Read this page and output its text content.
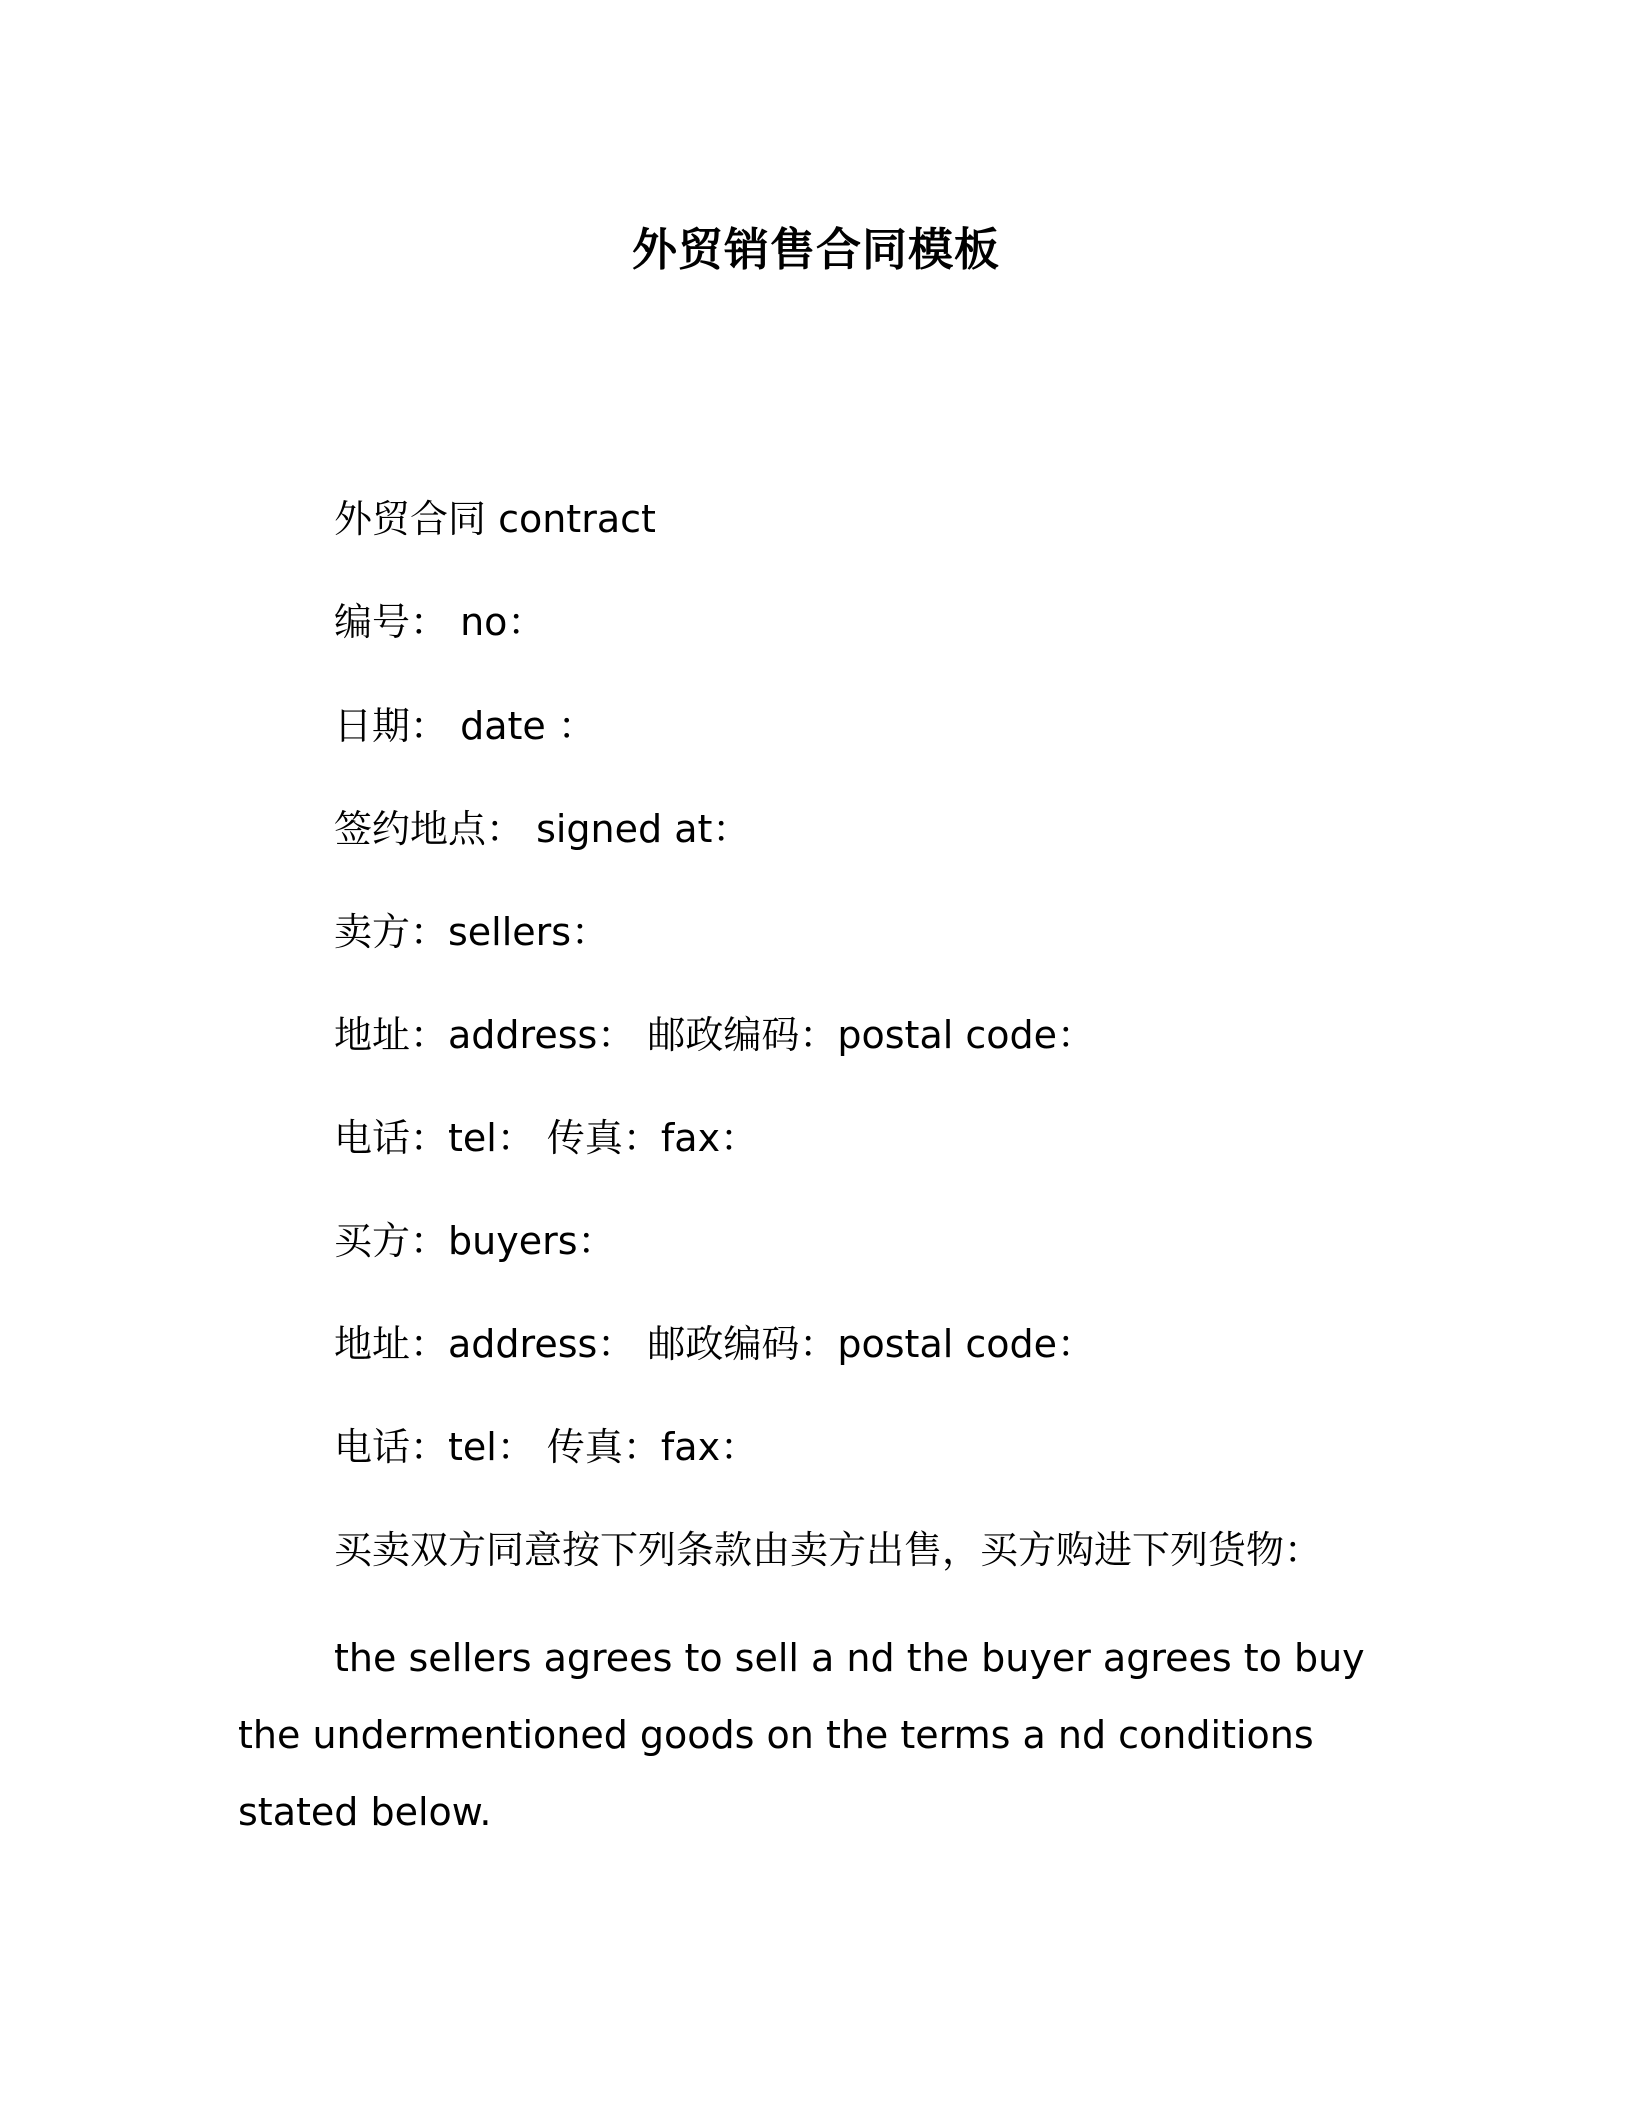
外贸销售合同模板
外贸合同 contract
编号： no：
日期： date ：
签约地点： signed at：
卖方：sellers：
地址：address： 邮政编码：postal code：
电话：tel： 传真：fax：
买方：buyers：
地址：address： 邮政编码：postal code：
电话：tel： 传真：fax：
买卖双方同意按下列条款由卖方出售，买方购进下列货物：

the sellers agrees to sell a nd the buyer agrees to buy the undermentioned goods on the terms a nd conditions stated below.
